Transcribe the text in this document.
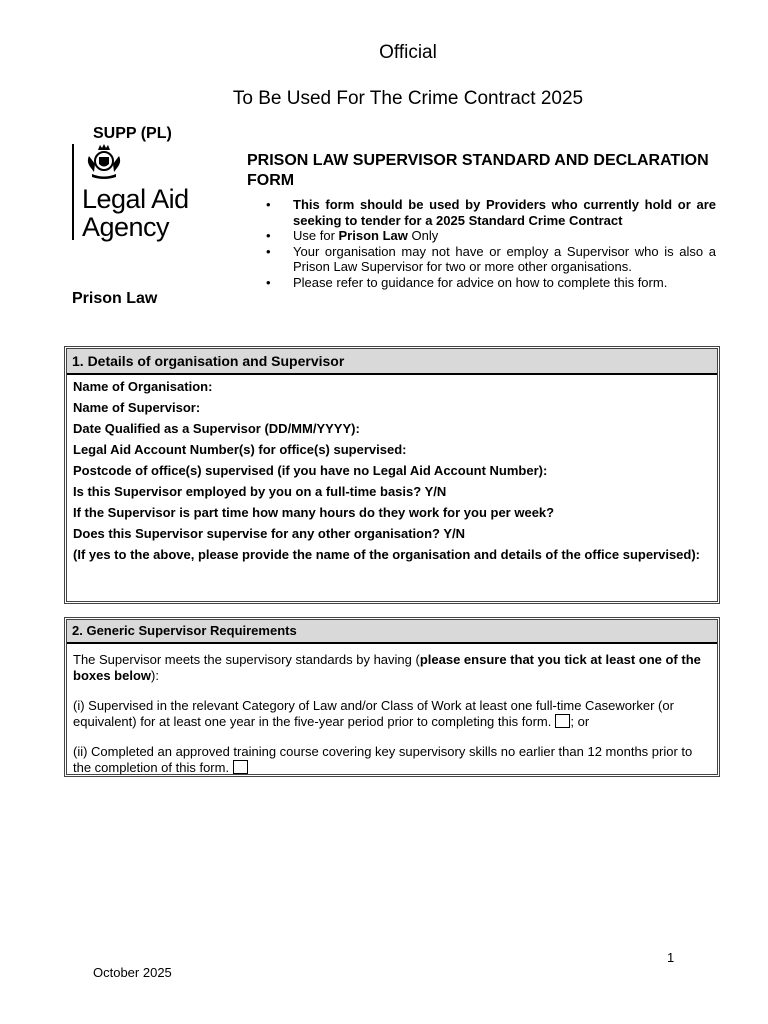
Official
To Be Used For The Crime Contract 2025
SUPP (PL)
Legal Aid
Agency
PRISON LAW SUPERVISOR STANDARD AND DECLARATION FORM
• This form should be used by Providers who currently hold or are seeking to tender for a 2025 Standard Crime Contract
• Use for Prison Law Only
• Your organisation may not have or employ a Supervisor who is also a Prison Law Supervisor for two or more other organisations.
• Please refer to guidance for advice on how to complete this form.
Prison Law
1. Details of organisation and Supervisor
Name of Organisation:
Name of Supervisor:
Date Qualified as a Supervisor (DD/MM/YYYY):
Legal Aid Account Number(s) for office(s) supervised:
Postcode of office(s) supervised (if you have no Legal Aid Account Number):
Is this Supervisor employed by you on a full-time basis? Y/N
If the Supervisor is part time how many hours do they work for you per week?
Does this Supervisor supervise for any other organisation? Y/N
(If yes to the above, please provide the name of the organisation and details of the office supervised):
2. Generic Supervisor Requirements

The Supervisor meets the supervisory standards by having (please ensure that you tick at least one of the boxes below):

(i) Supervised in the relevant Category of Law and/or Class of Work at least one full-time Caseworker (or equivalent) for at least one year in the five-year period prior to completing this form. ; or

(ii) Completed an approved training course covering key supervisory skills no earlier than 12 months prior to the completion of this form.

1
October 2025
